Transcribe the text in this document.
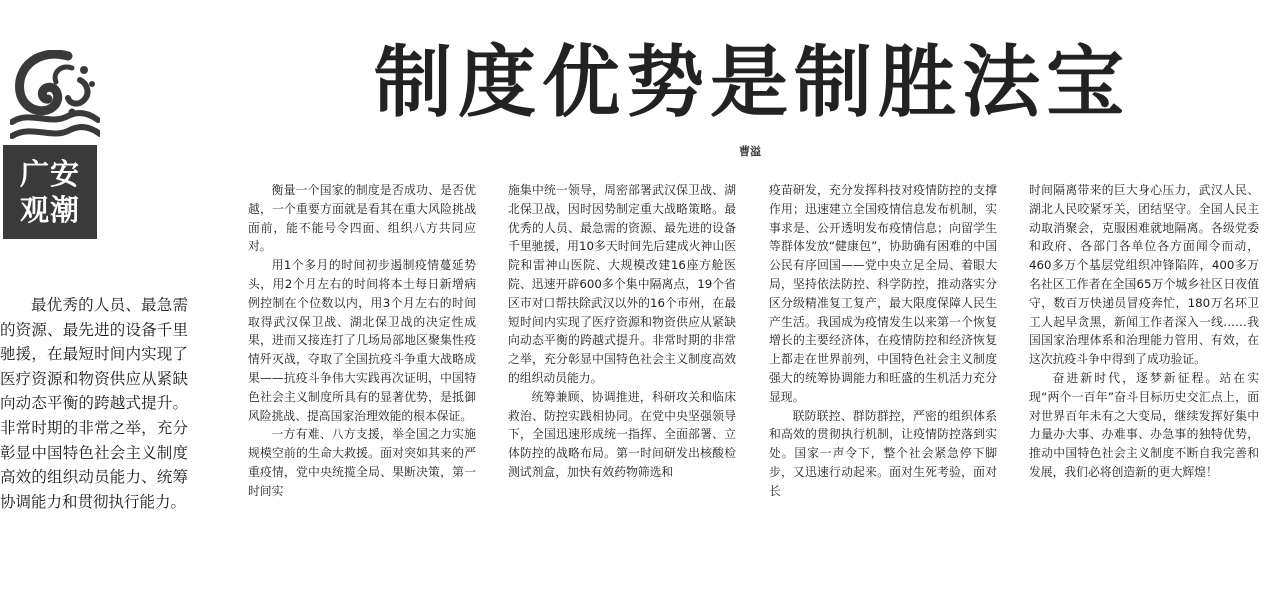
广安
观潮
制度优势是制胜法宝
曹溢

最优秀的人员、最急需的资源、最先进的设备千里驰援，在最短时间内实现了医疗资源和物资供应从紧缺向动态平衡的跨越式提升。非常时期的非常之举，充分彰显中国特色社会主义制度高效的组织动员能力、统筹协调能力和贯彻执行能力。

衡量一个国家的制度是否成功、是否优越，一个重要方面就是看其在重大风险挑战面前，能不能号令四面、组织八方共同应对。

用1个多月的时间初步遏制疫情蔓延势头，用2个月左右的时间将本土每日新增病例控制在个位数以内，用3个月左右的时间取得武汉保卫战、湖北保卫战的决定性成果，进而又接连打了几场局部地区聚集性疫情歼灭战，夺取了全国抗疫斗争重大战略成果——抗疫斗争伟大实践再次证明，中国特色社会主义制度所具有的显著优势，是抵御风险挑战、提高国家治理效能的根本保证。

一方有难、八方支援，举全国之力实施规模空前的生命大救援。面对突如其来的严重疫情，党中央统揽全局、果断决策，第一时间实

施集中统一领导，周密部署武汉保卫战、湖北保卫战，因时因势制定重大战略策略。最优秀的人员、最急需的资源、最先进的设备千里驰援，用10多天时间先后建成火神山医院和雷神山医院、大规模改建16座方舱医院、迅速开辟600多个集中隔离点，19个省区市对口帮扶除武汉以外的16个市州，在最短时间内实现了医疗资源和物资供应从紧缺向动态平衡的跨越式提升。非常时期的非常之举，充分彰显中国特色社会主义制度高效的组织动员能力。

统筹兼顾、协调推进，科研攻关和临床救治、防控实践相协同。在党中央坚强领导下，全国迅速形成统一指挥、全面部署、立体防控的战略布局。第一时间研发出核酸检测试剂盒，加快有效药物筛选和

疫苗研发，充分发挥科技对疫情防控的支撑作用；迅速建立全国疫情信息发布机制，实事求是、公开透明发布疫情信息；向留学生等群体发放“健康包”，协助确有困难的中国公民有序回国——党中央立足全局、着眼大局，坚持依法防控、科学防控，推动落实分区分级精准复工复产，最大限度保障人民生产生活。我国成为疫情发生以来第一个恢复增长的主要经济体，在疫情防控和经济恢复上都走在世界前列，中国特色社会主义制度强大的统筹协调能力和旺盛的生机活力充分显现。

联防联控、群防群控，严密的组织体系和高效的贯彻执行机制，让疫情防控落到实处。国家一声令下，整个社会紧急停下脚步，又迅速行动起来。面对生死考验，面对长

时间隔离带来的巨大身心压力，武汉人民、湖北人民咬紧牙关，团结坚守。全国人民主动取消聚会，克服困难就地隔离。各级党委和政府、各部门各单位各方面闻令而动，460多万个基层党组织冲锋陷阵，400多万名社区工作者在全国65万个城乡社区日夜值守，数百万快递员冒疫奔忙，180万名环卫工人起早贪黑，新闻工作者深入一线……我国国家治理体系和治理能力管用、有效，在这次抗疫斗争中得到了成功验证。

奋进新时代，逐梦新征程。站在实现“两个一百年”奋斗目标历史交汇点上，面对世界百年未有之大变局，继续发挥好集中力量办大事、办难事、办急事的独特优势，推动中国特色社会主义制度不断自我完善和发展，我们必将创造新的更大辉煌！
